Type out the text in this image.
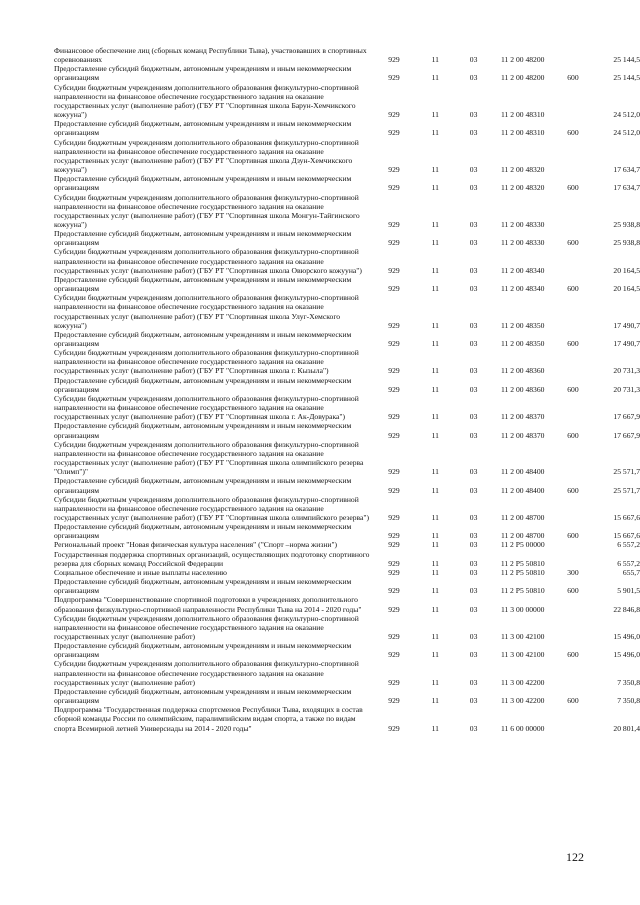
Финансовое обеспечение лиц (сборных команд Республики Тыва), участвовавших в спортивных соревнованиях	929	11	03	11 2 00 48200		25 144,5
Предоставление субсидий бюджетным, автономным учреждениям и иным некоммерческим организациям	929	11	03	11 2 00 48200	600	25 144,5
Субсидии бюджетным учреждениям дополнительного образования физкультурно-спортивной направленности на финансовое обеспечение государственного задания на оказание государственных услуг (выполнение работ) (ГБУ РТ "Спортивная школа Барун-Хемчикского кожууна")	929	11	03	11 2 00 48310		24 512,0
Предоставление субсидий бюджетным, автономным учреждениям и иным некоммерческим организациям	929	11	03	11 2 00 48310	600	24 512,0
Субсидии бюджетным учреждениям дополнительного образования физкультурно-спортивной направленности на финансовое обеспечение государственного задания на оказание государственных услуг (выполнение работ) (ГБУ РТ "Спортивная школа Дзун-Хемчикского кожууна")	929	11	03	11 2 00 48320		17 634,7
Предоставление субсидий бюджетным, автономным учреждениям и иным некоммерческим организациям	929	11	03	11 2 00 48320	600	17 634,7
Субсидии бюджетным учреждениям дополнительного образования физкультурно-спортивной направленности на финансовое обеспечение государственного задания на оказание государственных услуг (выполнение работ) (ГБУ РТ "Спортивная школа Монгун-Тайгинского кожууна")	929	11	03	11 2 00 48330		25 938,8
Предоставление субсидий бюджетным, автономным учреждениям и иным некоммерческим организациям	929	11	03	11 2 00 48330	600	25 938,8
Субсидии бюджетным учреждениям дополнительного образования физкультурно-спортивной направленности на финансовое обеспечение государственного задания на оказание государственных услуг (выполнение работ) (ГБУ РТ "Спортивная школа Овюрского кожууна")	929	11	03	11 2 00 48340		20 164,5
Предоставление субсидий бюджетным, автономным учреждениям и иным некоммерческим организациям	929	11	03	11 2 00 48340	600	20 164,5
Субсидии бюджетным учреждениям дополнительного образования физкультурно-спортивной направленности на финансовое обеспечение государственного задания на оказание государственных услуг (выполнение работ) (ГБУ РТ "Спортивная школа Улуг-Хемского кожууна")	929	11	03	11 2 00 48350		17 490,7
Предоставление субсидий бюджетным, автономным учреждениям и иным некоммерческим организациям	929	11	03	11 2 00 48350	600	17 490,7
Субсидии бюджетным учреждениям дополнительного образования физкультурно-спортивной направленности на финансовое обеспечение государственного задания на оказание государственных услуг (выполнение работ) (ГБУ РТ "Спортивная школа г. Кызыла")	929	11	03	11 2 00 48360		20 731,3
Предоставление субсидий бюджетным, автономным учреждениям и иным некоммерческим организациям	929	11	03	11 2 00 48360	600	20 731,3
Субсидии бюджетным учреждениям дополнительного образования физкультурно-спортивной направленности на финансовое обеспечение государственного задания на оказание государственных услуг (выполнение работ) (ГБУ РТ "Спортивная школа г. Ак-Довурака")	929	11	03	11 2 00 48370		17 667,9
Предоставление субсидий бюджетным, автономным учреждениям и иным некоммерческим организациям	929	11	03	11 2 00 48370	600	17 667,9
Субсидии бюджетным учреждениям дополнительного образования физкультурно-спортивной направленности на финансовое обеспечение государственного задания на оказание государственных услуг (выполнение работ) (ГБУ РТ "Спортивная школа олимпийского резерва "Олимп")"	929	11	03	11 2 00 48400		25 571,7
Предоставление субсидий бюджетным, автономным учреждениям и иным некоммерческим организациям	929	11	03	11 2 00 48400	600	25 571,7
Субсидии бюджетным учреждениям дополнительного образования физкультурно-спортивной направленности на финансовое обеспечение государственного задания на оказание государственных услуг (выполнение работ) (ГБУ РТ "Спортивная школа олимпийского резерва")	929	11	03	11 2 00 48700		15 667,6
Предоставление субсидий бюджетным, автономным учреждениям и иным некоммерческим организациям	929	11	03	11 2 00 48700	600	15 667,6
Региональный проект "Новая физическая культура населения" ("Спорт –норма жизни")	929	11	03	11 2 P5 00000		6 557,2
Государственная поддержка спортивных организаций, осуществляющих подготовку спортивного резерва для сборных команд Российской Федерации	929	11	03	11 2 P5 50810		6 557,2
Социальное обеспечение и иные выплаты населению	929	11	03	11 2 P5 50810	300	655,7
Предоставление субсидий бюджетным, автономным учреждениям и иным некоммерческим организациям	929	11	03	11 2 P5 50810	600	5 901,5
Подпрограмма "Совершенствование спортивной подготовки в учреждениях дополнительного образования физкультурно-спортивной направленности Республики Тыва на 2014 - 2020 годы"	929	11	03	11 3 00 00000		22 846,8
Субсидии бюджетным учреждениям дополнительного образования физкультурно-спортивной направленности на финансовое обеспечение государственного задания на оказание государственных услуг (выполнение работ)	929	11	03	11 3 00 42100		15 496,0
Предоставление субсидий бюджетным, автономным учреждениям и иным некоммерческим организациям	929	11	03	11 3 00 42100	600	15 496,0
Субсидии бюджетным учреждениям дополнительного образования физкультурно-спортивной направленности на финансовое обеспечение государственного задания на оказание государственных услуг (выполнение работ)	929	11	03	11 3 00 42200		7 350,8
Предоставление субсидий бюджетным, автономным учреждениям и иным некоммерческим организациям	929	11	03	11 3 00 42200	600	7 350,8
Подпрограмма "Государственная поддержка спортсменов Республики Тыва, входящих в состав сборной команды России по олимпийским, паралимпийским видам спорта, а также по видам спорта Всемирной летней Универсиады на 2014 - 2020 годы"	929	11	03	11 6 00 00000		20 801,4
122
